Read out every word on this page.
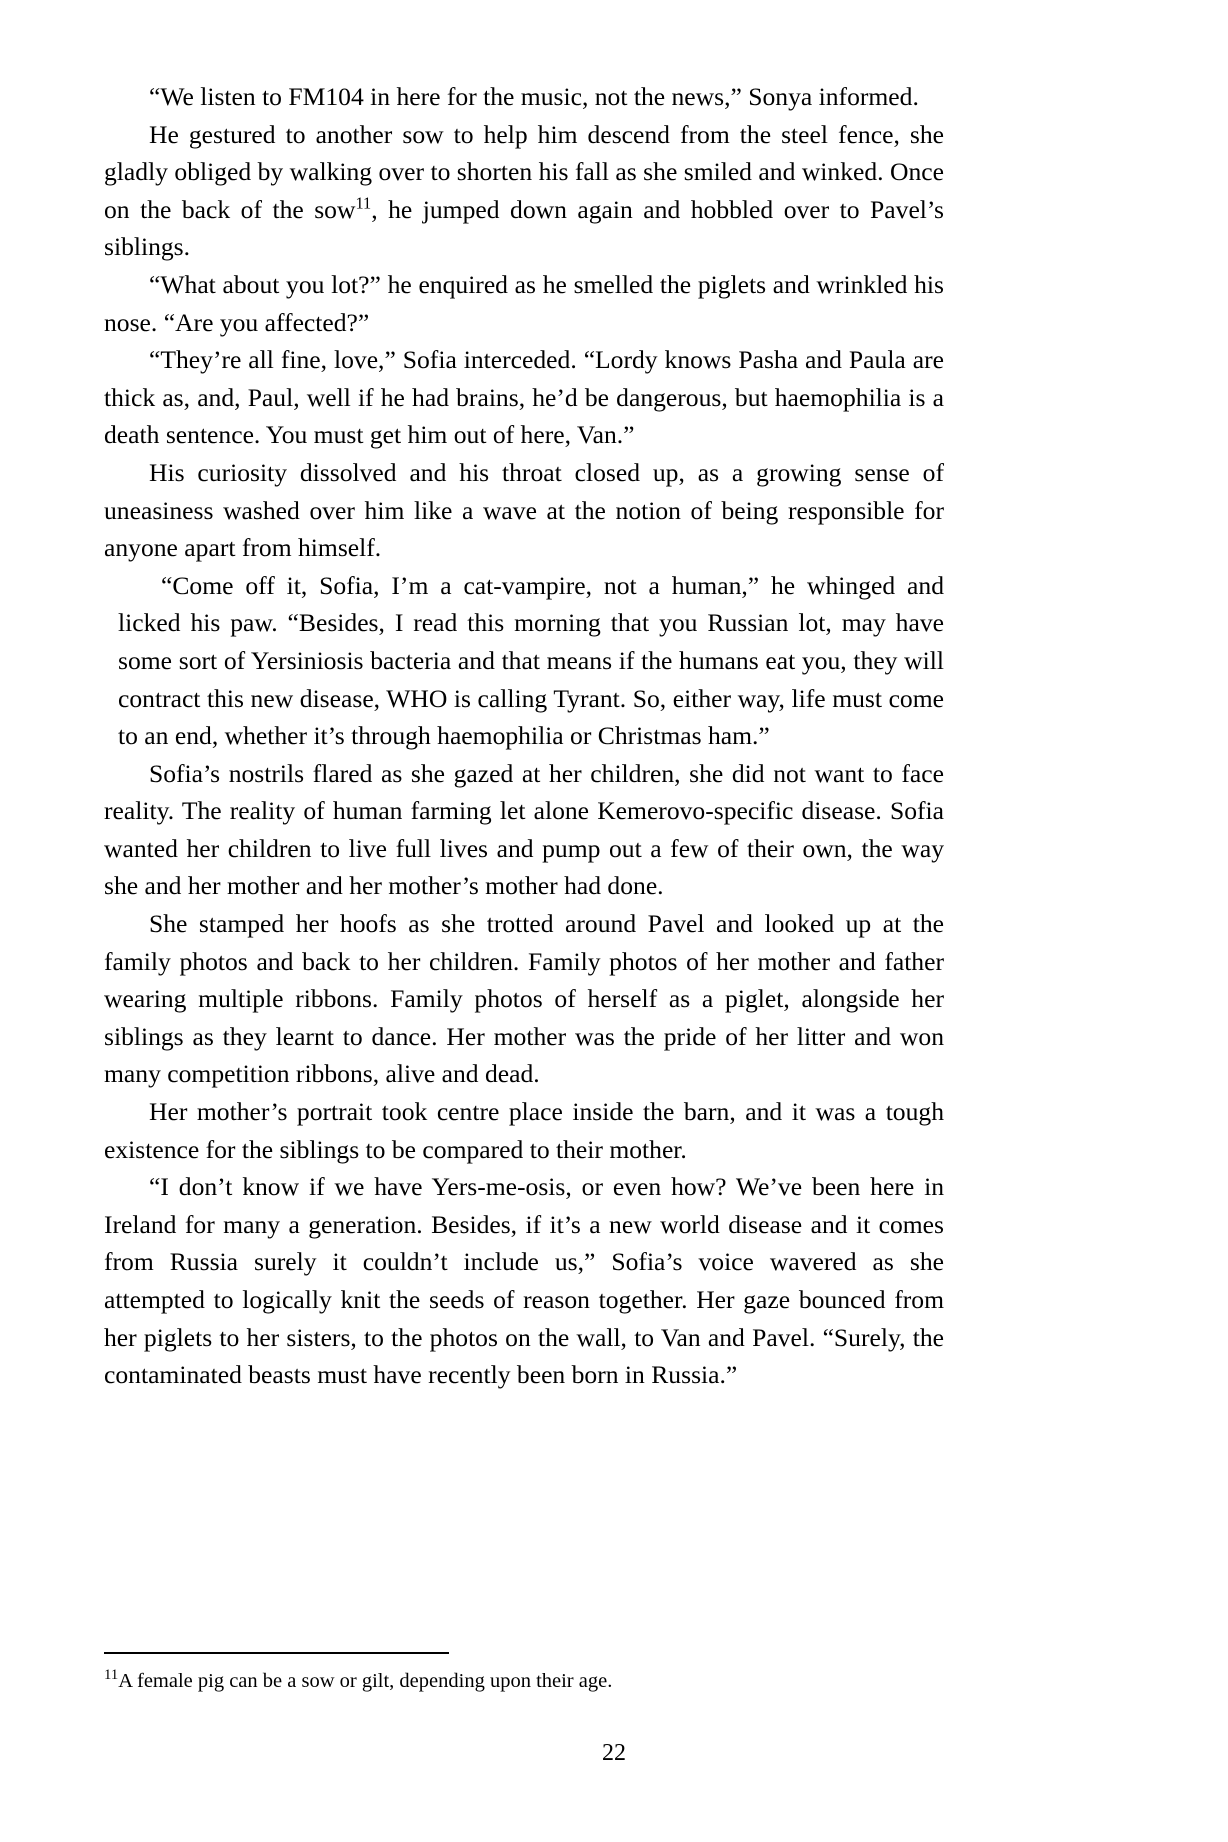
“We listen to FM104 in here for the music, not the news,” Sonya informed.

He gestured to another sow to help him descend from the steel fence, she gladly obliged by walking over to shorten his fall as she smiled and winked. Once on the back of the sow$^{11}$, he jumped down again and hobbled over to Pavel’s siblings.

“What about you lot?” he enquired as he smelled the piglets and wrinkled his nose. “Are you affected?”

“They’re all fine, love,” Sofia interceded. “Lordy knows Pasha and Paula are thick as, and, Paul, well if he had brains, he’d be dangerous, but haemophilia is a death sentence. You must get him out of here, Van.”

His curiosity dissolved and his throat closed up, as a growing sense of uneasiness washed over him like a wave at the notion of being responsible for anyone apart from himself.

“Come off it, Sofia, I’m a cat-vampire, not a human,” he whinged and licked his paw. “Besides, I read this morning that you Russian lot, may have some sort of Yersiniosis bacteria and that means if the humans eat you, they will contract this new disease, WHO is calling Tyrant. So, either way, life must come to an end, whether it’s through haemophilia or Christmas ham.”

Sofia’s nostrils flared as she gazed at her children, she did not want to face reality. The reality of human farming let alone Kemerovo-specific disease. Sofia wanted her children to live full lives and pump out a few of their own, the way she and her mother and her mother’s mother had done.

She stamped her hoofs as she trotted around Pavel and looked up at the family photos and back to her children. Family photos of her mother and father wearing multiple ribbons. Family photos of herself as a piglet, alongside her siblings as they learnt to dance. Her mother was the pride of her litter and won many competition ribbons, alive and dead.

Her mother’s portrait took centre place inside the barn, and it was a tough existence for the siblings to be compared to their mother.

“I don’t know if we have Yers-me-osis, or even how? We’ve been here in Ireland for many a generation. Besides, if it’s a new world disease and it comes from Russia surely it couldn’t include us,” Sofia’s voice wavered as she attempted to logically knit the seeds of reason together. Her gaze bounced from her piglets to her sisters, to the photos on the wall, to Van and Pavel. “Surely, the contaminated beasts must have recently been born in Russia.”

$^{11}$A female pig can be a sow or gilt, depending upon their age.

22
